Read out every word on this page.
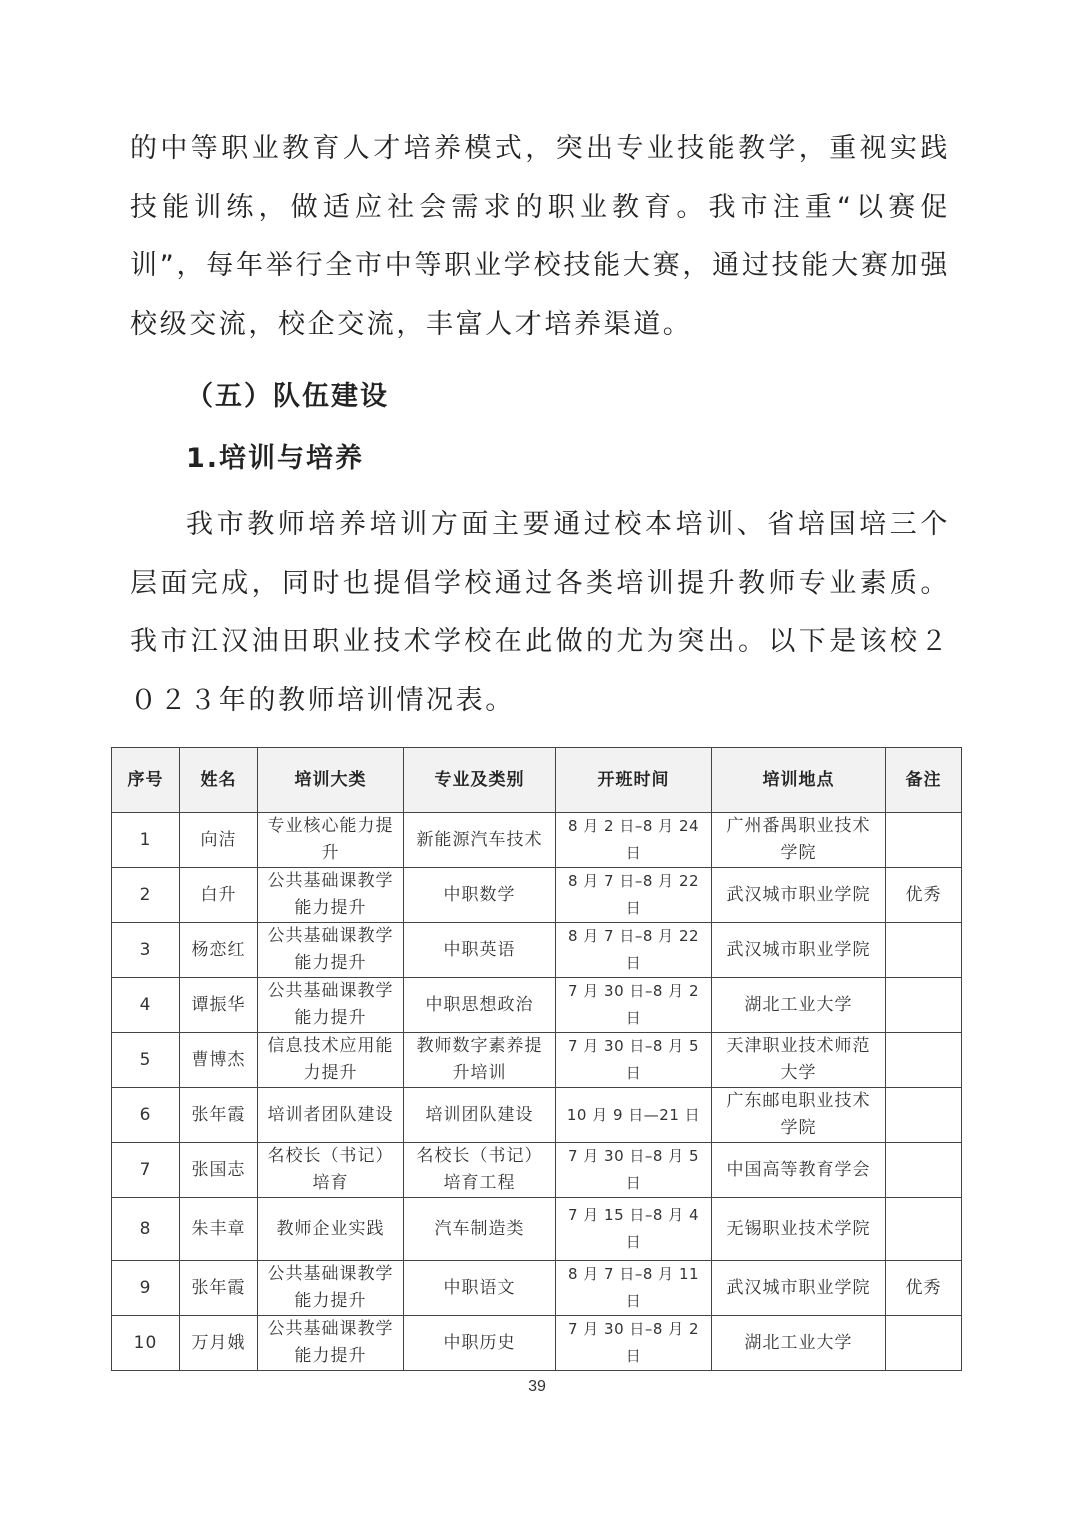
的中等职业教育人才培养模式，突出专业技能教学，重视实践技能训练，做适应社会需求的职业教育。我市注重“以赛促训”，每年举行全市中等职业学校技能大赛，通过技能大赛加强校级交流，校企交流，丰富人才培养渠道。

（五）队伍建设

1.培训与培养

我市教师培养培训方面主要通过校本培训、省培国培三个层面完成，同时也提倡学校通过各类培训提升教师专业素质。我市江汉油田职业技术学校在此做的尤为突出。以下是该校２０２３年的教师培训情况表。

序号	姓名	培训大类	专业及类别	开班时间	培训地点	备注
1	向洁	专业核心能力提升	新能源汽车技术	8 月 2 日–8 月 24 日	广州番禺职业技术学院	
2	白升	公共基础课教学能力提升	中职数学	8 月 7 日–8 月 22 日	武汉城市职业学院	优秀
3	杨恋红	公共基础课教学能力提升	中职英语	8 月 7 日–8 月 22 日	武汉城市职业学院	
4	谭振华	公共基础课教学能力提升	中职思想政治	7 月 30 日–8 月 2 日	湖北工业大学	
5	曹博杰	信息技术应用能力提升	教师数字素养提升培训	7 月 30 日–8 月 5 日	天津职业技术师范大学	
6	张年霞	培训者团队建设	培训团队建设	10 月 9 日—21 日	广东邮电职业技术学院	
7	张国志	名校长（书记）培育	名校长（书记）培育工程	7 月 30 日–8 月 5 日	中国高等教育学会	
8	朱丰章	教师企业实践	汽车制造类	7 月 15 日–8 月 4 日	无锡职业技术学院	
9	张年霞	公共基础课教学能力提升	中职语文	8 月 7 日–8 月 11 日	武汉城市职业学院	优秀
10	万月娥	公共基础课教学能力提升	中职历史	7 月 30 日–8 月 2 日	湖北工业大学	
39
